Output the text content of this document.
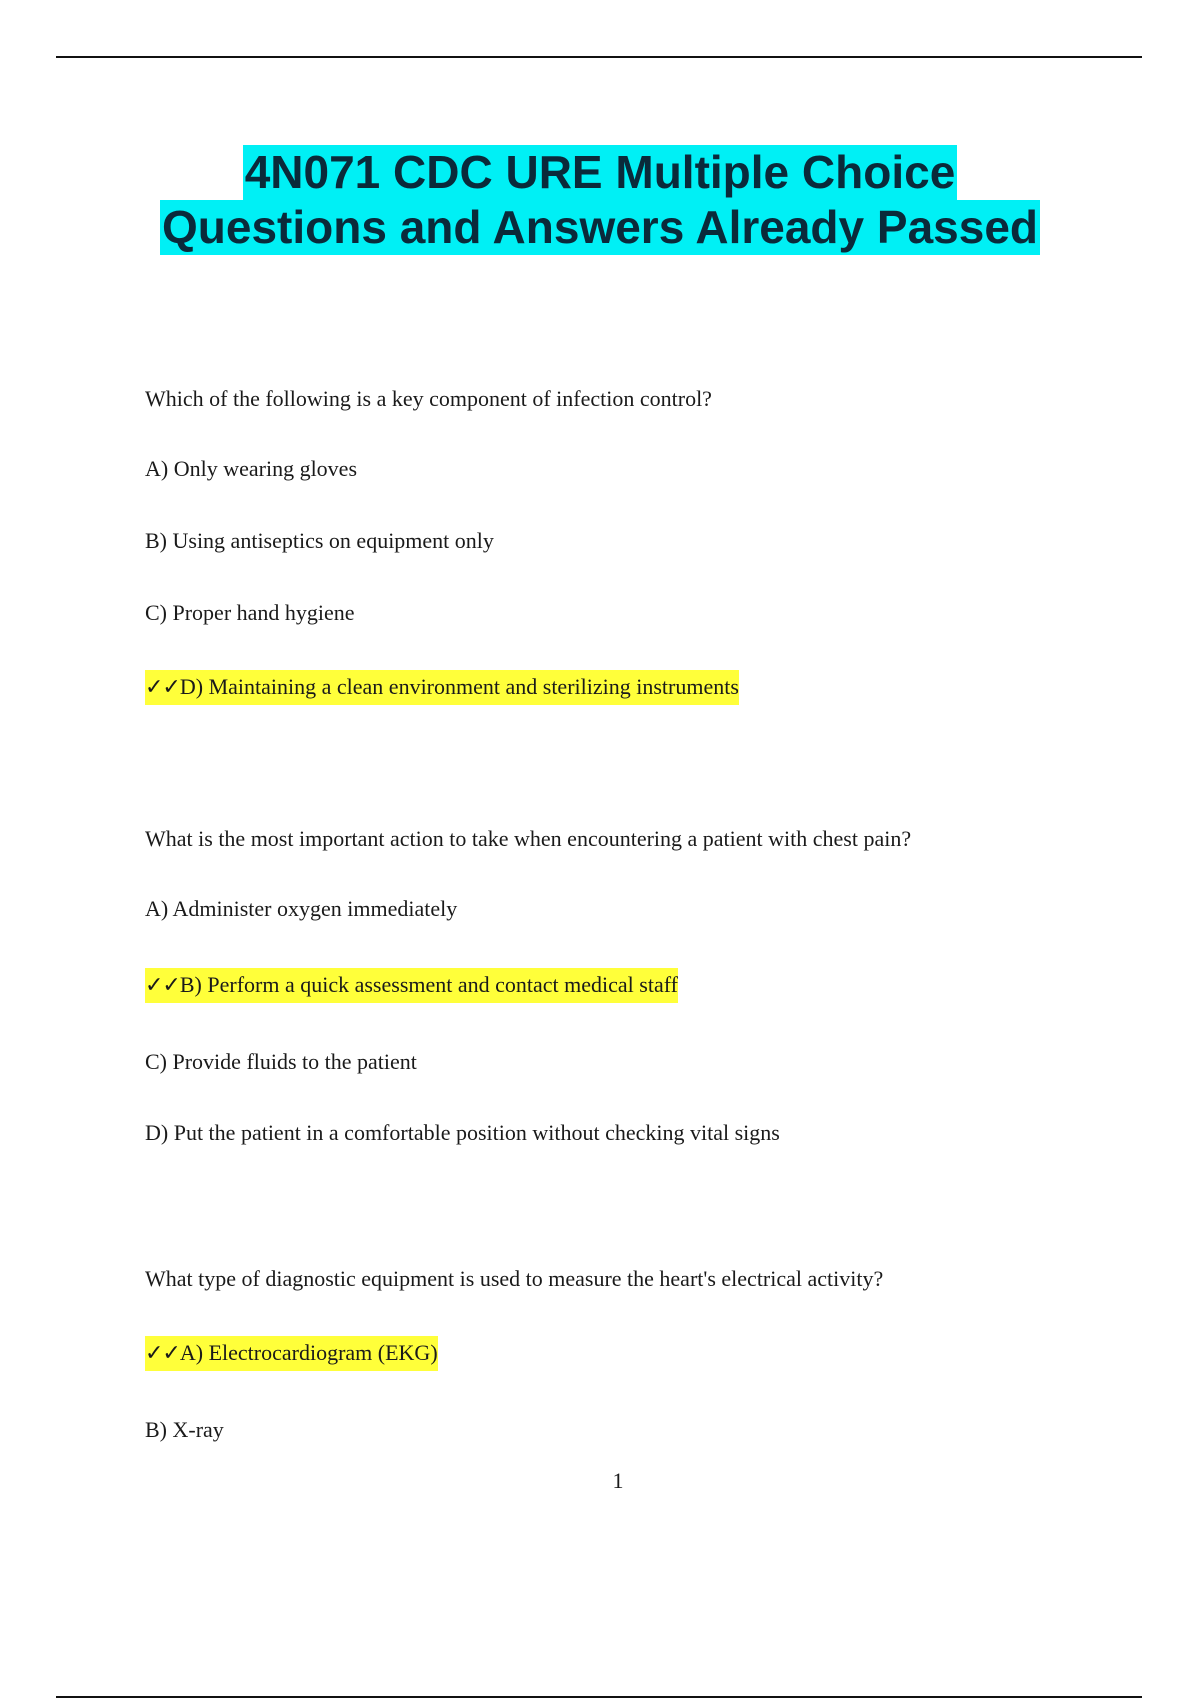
4N071 CDC URE Multiple Choice
Questions and Answers Already Passed
Which of the following is a key component of infection control?
A) Only wearing gloves
B) Using antiseptics on equipment only
C) Proper hand hygiene
✓✓D) Maintaining a clean environment and sterilizing instruments
What is the most important action to take when encountering a patient with chest pain?
A) Administer oxygen immediately
✓✓B) Perform a quick assessment and contact medical staff
C) Provide fluids to the patient
D) Put the patient in a comfortable position without checking vital signs
What type of diagnostic equipment is used to measure the heart's electrical activity?
✓✓A) Electrocardiogram (EKG)
B) X-ray
1
